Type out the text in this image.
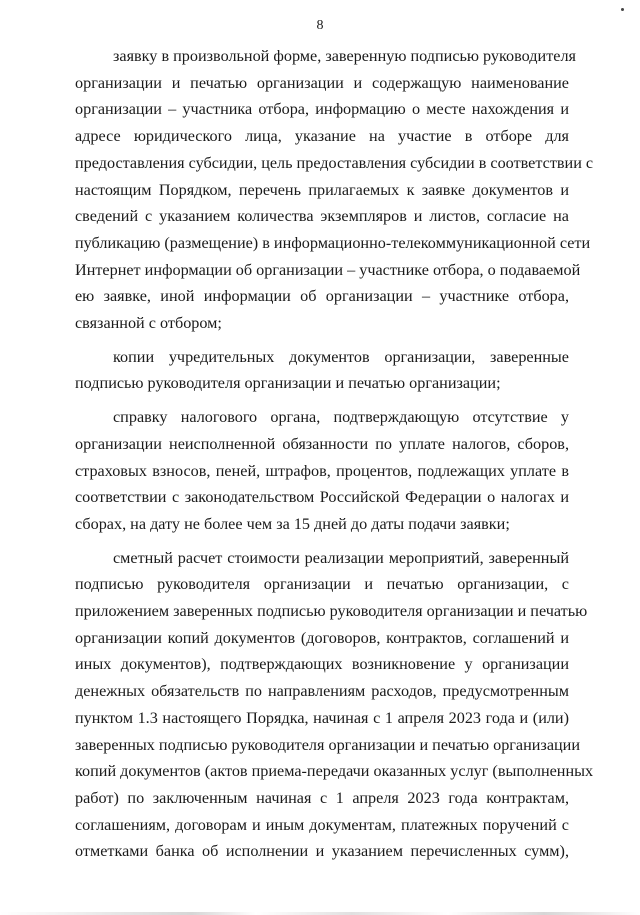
8
заявку в произвольной форме, заверенную подписью руководителя
организации и печатью организации и содержащую наименование
организации – участника отбора, информацию о месте нахождения и
адресе юридического лица, указание на участие в отборе для
предоставления субсидии, цель предоставления субсидии в соответствии с
настоящим Порядком, перечень прилагаемых к заявке документов и
сведений с указанием количества экземпляров и листов, согласие на
публикацию (размещение) в информационно-телекоммуникационной сети
Интернет информации об организации – участнике отбора, о подаваемой
ею заявке, иной информации об организации – участнике отбора,
связанной с отбором;
копии учредительных документов организации, заверенные
подписью руководителя организации и печатью организации;
справку налогового органа, подтверждающую отсутствие у
организации неисполненной обязанности по уплате налогов, сборов,
страховых взносов, пеней, штрафов, процентов, подлежащих уплате в
соответствии с законодательством Российской Федерации о налогах и
сборах, на дату не более чем за 15 дней до даты подачи заявки;
сметный расчет стоимости реализации мероприятий, заверенный
подписью руководителя организации и печатью организации, с
приложением заверенных подписью руководителя организации и печатью
организации копий документов (договоров, контрактов, соглашений и
иных документов), подтверждающих возникновение у организации
денежных обязательств по направлениям расходов, предусмотренным
пунктом 1.3 настоящего Порядка, начиная с 1 апреля 2023 года и (или)
заверенных подписью руководителя организации и печатью организации
копий документов (актов приема-передачи оказанных услуг (выполненных
работ) по заключенным начиная с 1 апреля 2023 года контрактам,
соглашениям, договорам и иным документам, платежных поручений с
отметками банка об исполнении и указанием перечисленных сумм),
